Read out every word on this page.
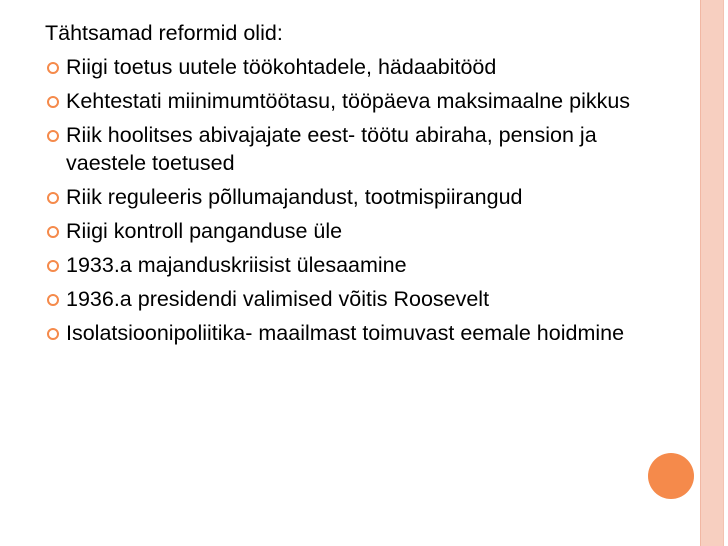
Tähtsamad reformid olid:

Riigi toetus uutele töökohtadele, hädaabitööd
Kehtestati miinimumtöötasu, tööpäeva maksimaalne pikkus
Riik hoolitses abivajajate eest- töötu abiraha, pension ja vaestele toetused
Riik reguleeris põllumajandust, tootmispiirangud
Riigi kontroll panganduse üle
1933.a majanduskriisist ülesaamine
1936.a presidendi valimised võitis Roosevelt
Isolatsioonipoliitika- maailmast toimuvast eemale hoidmine
